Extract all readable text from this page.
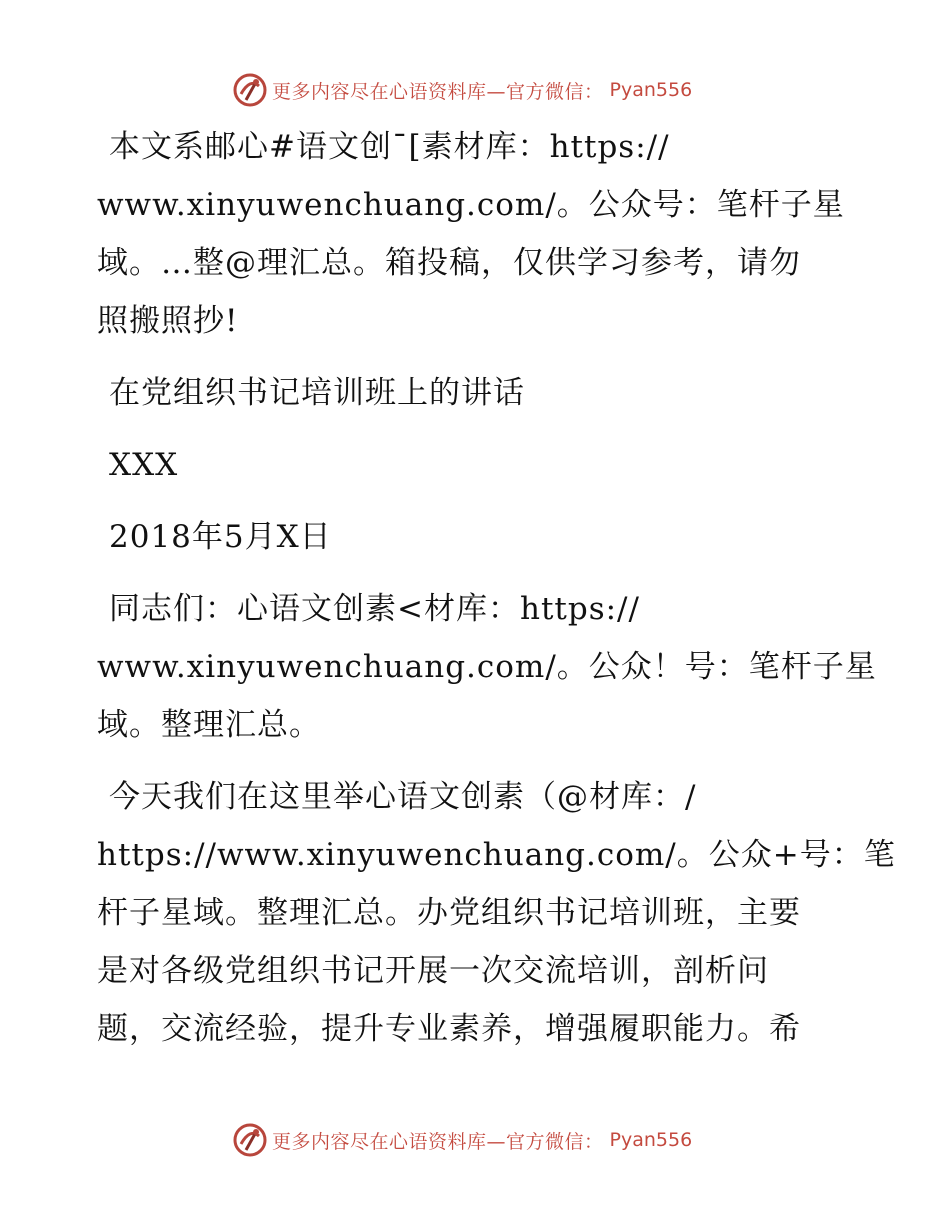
更多内容尽在心语资料库—官方微信： Pyan556
本文系邮心#语文创¯[素材库：https://
www.xinyuwenchuang.com/。公众号：笔杆子星
域。…整@理汇总。箱投稿，仅供学习参考，请勿
照搬照抄!
在党组织书记培训班上的讲话
XXX
2018年5月X日
同志们：心语文创素<材库：https://
www.xinyuwenchuang.com/。公众！号：笔杆子星
域。整理汇总。
今天我们在这里举心语文创素（@材库：/
https://www.xinyuwenchuang.com/。公众+号：笔
杆子星域。整理汇总。办党组织书记培训班，主要
是对各级党组织书记开展一次交流培训，剖析问
题，交流经验，提升专业素养，增强履职能力。希
更多内容尽在心语资料库—官方微信： Pyan556
